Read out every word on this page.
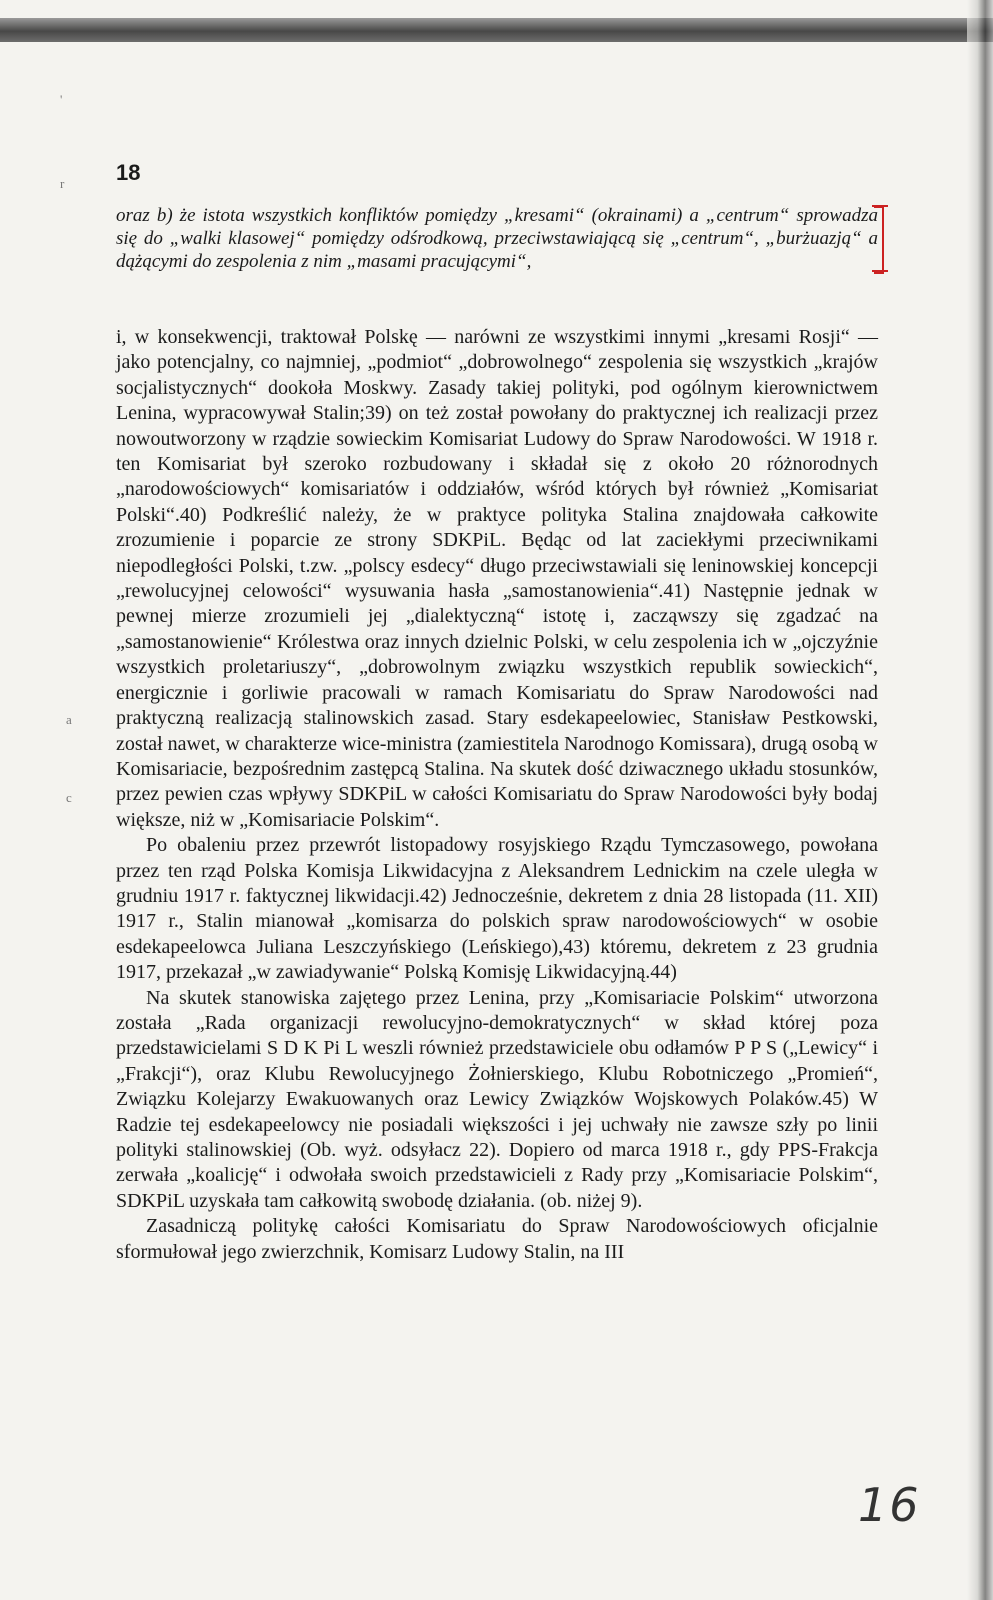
'
r
a
c
18

oraz b) że istota wszystkich konfliktów pomiędzy „kresami“ (okrainami) a „centrum“ sprowadza się do „walki klasowej“ pomiędzy odśrodkową, przeciwstawiającą się „centrum“, „burżuazją“ a dążącymi do zespolenia z nim „masami pracującymi“,

i, w konsekwencji, traktował Polskę — narówni ze wszystkimi innymi „kresami Rosji“ — jako potencjalny, co najmniej, „podmiot“ „dobrowolnego“ zespolenia się wszystkich „krajów socjalistycznych“ dookoła Moskwy. Zasady takiej polityki, pod ogólnym kierownictwem Lenina, wypracowywał Stalin;39) on też został powołany do praktycznej ich realizacji przez nowoutworzony w rządzie sowieckim Komisariat Ludowy do Spraw Narodowości. W 1918 r. ten Komisariat był szeroko rozbudowany i składał się z około 20 różnorodnych „narodowościowych“ komisariatów i oddziałów, wśród których był również „Komisariat Polski“.40) Podkreślić należy, że w praktyce polityka Stalina znajdowała całkowite zrozumienie i poparcie ze strony SDKPiL. Będąc od lat zaciekłymi przeciwnikami niepodległości Polski, t.zw. „polscy esdecy“ długo przeciwstawiali się leninowskiej koncepcji „rewolucyjnej celowości“ wysuwania hasła „samostanowienia“.41) Następnie jednak w pewnej mierze zrozumieli jej „dialektyczną“ istotę i, zacząwszy się zgadzać na „samostanowienie“ Królestwa oraz innych dzielnic Polski, w celu zespolenia ich w „ojczyźnie wszystkich proletariuszy“, „dobrowolnym związku wszystkich republik sowieckich“, energicznie i gorliwie pracowali w ramach Komisariatu do Spraw Narodowości nad praktyczną realizacją stalinowskich zasad. Stary esdekapeelowiec, Stanisław Pestkowski, został nawet, w charakterze wice-ministra (zamiestitela Narodnogo Komissara), drugą osobą w Komisariacie, bezpośrednim zastępcą Stalina. Na skutek dość dziwacznego układu stosunków, przez pewien czas wpływy SDKPiL w całości Komisariatu do Spraw Narodowości były bodaj większe, niż w „Komisariacie Polskim“.

Po obaleniu przez przewrót listopadowy rosyjskiego Rządu Tymczasowego, powołana przez ten rząd Polska Komisja Likwidacyjna z Aleksandrem Lednickim na czele uległa w grudniu 1917 r. faktycznej likwidacji.42) Jednocześnie, dekretem z dnia 28 listopada (11. XII) 1917 r., Stalin mianował „komisarza do polskich spraw narodowościowych“ w osobie esdekapeelowca Juliana Leszczyńskiego (Leńskiego),43) któremu, dekretem z 23 grudnia 1917, przekazał „w zawiadywanie“ Polską Komisję Likwidacyjną.44)

Na skutek stanowiska zajętego przez Lenina, przy „Komisariacie Polskim“ utworzona została „Rada organizacji rewolucyjno-demokratycznych“ w skład której poza przedstawicielami S D K Pi L weszli również przedstawiciele obu odłamów P P S („Lewicy“ i „Frakcji“), oraz Klubu Rewolucyjnego Żołnierskiego, Klubu Robotniczego „Promień“, Związku Kolejarzy Ewakuowanych oraz Lewicy Związków Wojskowych Polaków.45) W Radzie tej esdekapeelowcy nie posiadali większości i jej uchwały nie zawsze szły po linii polityki stalinowskiej (Ob. wyż. odsyłacz 22). Dopiero od marca 1918 r., gdy PPS-Frakcja zerwała „koalicję“ i odwołała swoich przedstawicieli z Rady przy „Komisariacie Polskim“, SDKPiL uzyskała tam całkowitą swobodę działania. (ob. niżej 9).

Zasadniczą politykę całości Komisariatu do Spraw Narodowościowych oficjalnie sformułował jego zwierzchnik, Komisarz Ludowy Stalin, na III

16
